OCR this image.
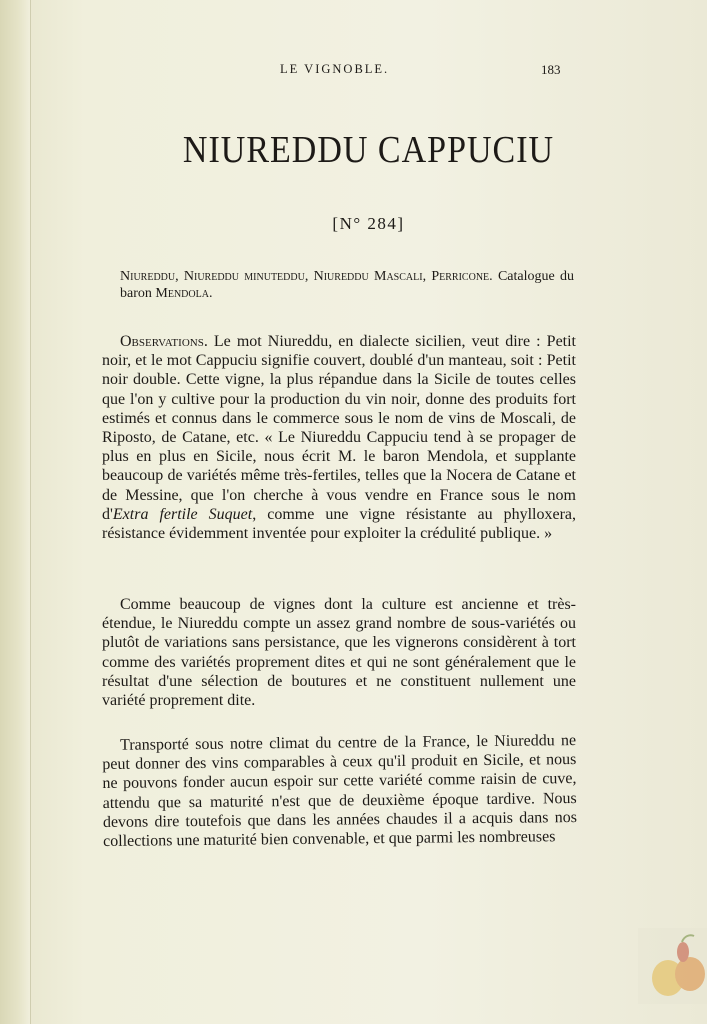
LE VIGNOBLE.	183
NIUREDDU CAPPUCIU
[N° 284]
Niureddu, Niureddu minuteddu, Niureddu Mascali, Perricone. Catalogue du baron Mendola.

Observations. Le mot Niureddu, en dialecte sicilien, veut dire : Petit noir, et le mot Cappuciu signifie couvert, doublé d'un manteau, soit : Petit noir double. Cette vigne, la plus répandue dans la Sicile de toutes celles que l'on y cultive pour la production du vin noir, donne des produits fort estimés et connus dans le commerce sous le nom de vins de Moscali, de Riposto, de Catane, etc. « Le Niureddu Cappuciu tend à se propager de plus en plus en Sicile, nous écrit M. le baron Mendola, et supplante beaucoup de variétés même très-fertiles, telles que la Nocera de Catane et de Messine, que l'on cherche à vous vendre en France sous le nom d'Extra fertile Suquet, comme une vigne résistante au phylloxera, résistance évidemment inventée pour exploiter la crédulité publique. »

Comme beaucoup de vignes dont la culture est ancienne et très-étendue, le Niureddu compte un assez grand nombre de sous-variétés ou plutôt de variations sans persistance, que les vignerons considèrent à tort comme des variétés proprement dites et qui ne sont généralement que le résultat d'une sélection de boutures et ne constituent nullement une variété proprement dite.

Transporté sous notre climat du centre de la France, le Niureddu ne peut donner des vins comparables à ceux qu'il produit en Sicile, et nous ne pouvons fonder aucun espoir sur cette variété comme raisin de cuve, attendu que sa maturité n'est que de deuxième époque tardive. Nous devons dire toutefois que dans les années chaudes il a acquis dans nos collections une maturité bien convenable, et que parmi les nombreuses
